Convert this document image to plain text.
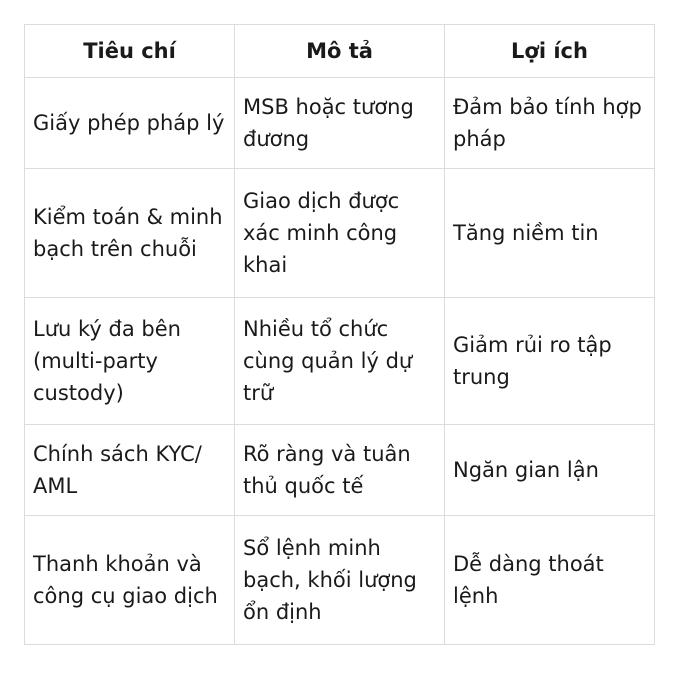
Tiêu chí	Mô tả	Lợi ích
Giấy phép pháp lý	MSB hoặc tương đương	Đảm bảo tính hợp pháp
Kiểm toán & minh bạch trên chuỗi	Giao dịch được xác minh công khai	Tăng niềm tin
Lưu ký đa bên (multi-party custody)	Nhiều tổ chức cùng quản lý dự trữ	Giảm rủi ro tập trung
Chính sách KYC/ AML	Rõ ràng và tuân thủ quốc tế	Ngăn gian lận
Thanh khoản và công cụ giao dịch	Sổ lệnh minh bạch, khối lượng ổn định	Dễ dàng thoát lệnh
